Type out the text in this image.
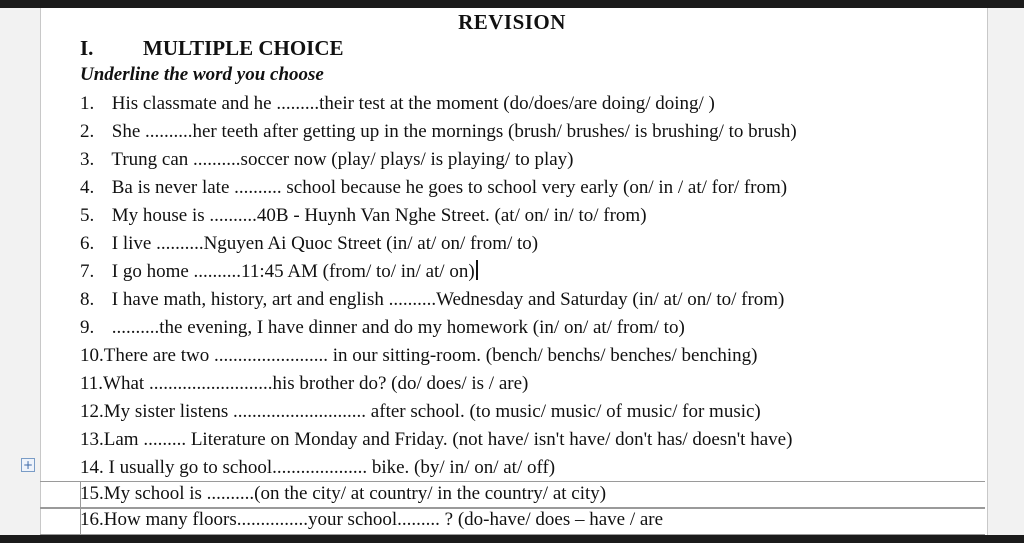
REVISION
I. MULTIPLE CHOICE
Underline the word you choose
1. His classmate and he .........their test at the moment (do/does/are doing/ doing/ )
2. She ..........her teeth after getting up in the mornings (brush/ brushes/ is brushing/ to brush)
3. Trung can ..........soccer now (play/ plays/ is playing/ to play)
4. Ba is never late .......... school because he goes to school very early (on/ in / at/ for/ from)
5. My house is ..........40B - Huynh Van Nghe Street. (at/ on/ in/ to/ from)
6. I live ..........Nguyen Ai Quoc Street (in/ at/ on/ from/ to)
7. I go home ..........11:45 AM (from/ to/ in/ at/ on)
8. I have math, history, art and english ..........Wednesday and Saturday (in/ at/ on/ to/ from)
9. ..........the evening, I have dinner and do my homework (in/ on/ at/ from/ to)
10.There are two ........................ in our sitting-room. (bench/ benchs/ benches/ benching)
11.What ..........................his brother do? (do/ does/ is / are)
12.My sister listens ............................ after school. (to music/ music/ of music/ for music)
13.Lam ......... Literature on Monday and Friday. (not have/ isn't have/ don't has/ doesn't have)
14. I usually go to school.................... bike. (by/ in/ on/ at/ off)
15.My school is ..........(on the city/ at country/ in the country/ at city)
16.How many floors...............your school......... ? (do-have/ does – have / are
+
